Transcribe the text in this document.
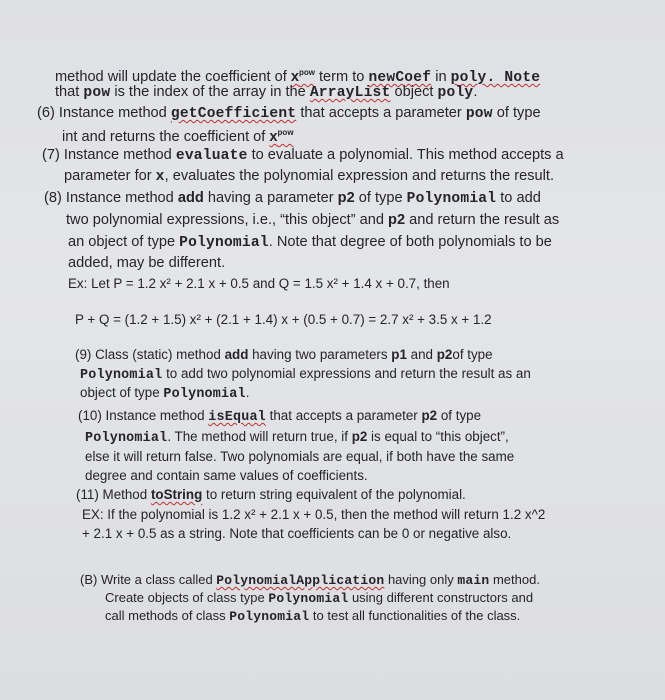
method will update the coefficient of $x^{pow}$ term to newCoef in poly. Note
that pow is the index of the array in the ArrayList object poly.
(6) Instance method getCoefficient that accepts a parameter pow of type
int and returns the coefficient of $x^{pow}$
(7) Instance method evaluate to evaluate a polynomial. This method accepts a
parameter for x, evaluates the polynomial expression and returns the result.
(8) Instance method add having a parameter p2 of type Polynomial to add
two polynomial expressions, i.e., “this object” and p2 and return the result as
an object of type Polynomial. Note that degree of both polynomials to be
added, may be different.
Ex: Let P = 1.2 x² + 2.1 x + 0.5 and Q = 1.5 x² + 1.4 x + 0.7, then
P + Q = (1.2 + 1.5) x² + (2.1 + 1.4) x + (0.5 + 0.7) = 2.7 x² + 3.5 x + 1.2
(9) Class (static) method add having two parameters p1 and p2of type
Polynomial to add two polynomial expressions and return the result as an
object of type Polynomial.
(10) Instance method isEqual that accepts a parameter p2 of type
Polynomial. The method will return true, if p2 is equal to “this object”,
else it will return false. Two polynomials are equal, if both have the same
degree and contain same values of coefficients.
(11) Method toString to return string equivalent of the polynomial.
EX: If the polynomial is 1.2 x² + 2.1 x + 0.5, then the method will return 1.2 x^2
+ 2.1 x + 0.5 as a string. Note that coefficients can be 0 or negative also.
(B) Write a class called PolynomialApplication having only main method.
Create objects of class type Polynomial using different constructors and
call methods of class Polynomial to test all functionalities of the class.
